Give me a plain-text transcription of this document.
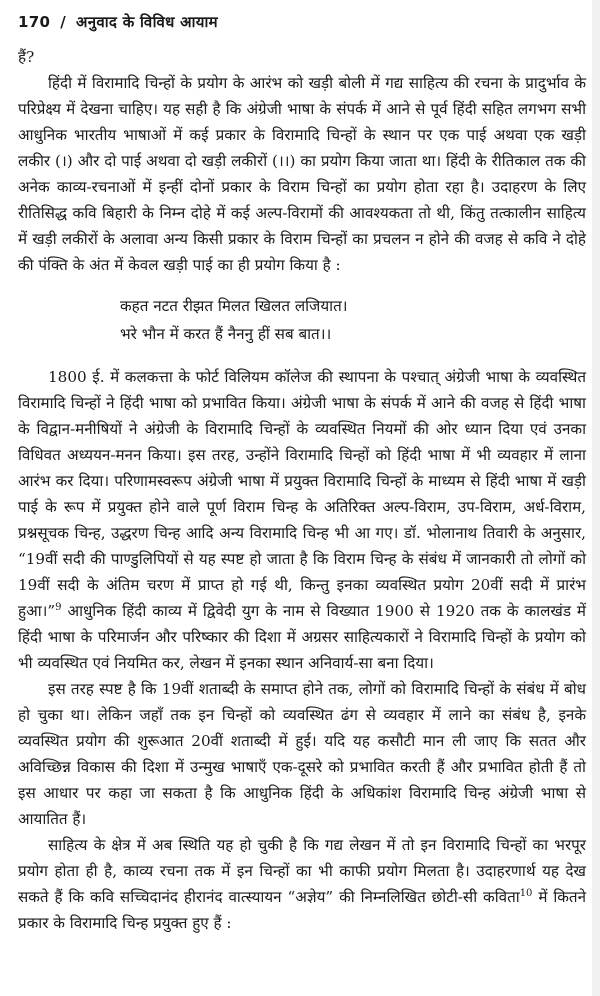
170 / अनुवाद के विविध आयाम

हैं?

हिंदी में विरामादि चिन्हों के प्रयोग के आरंभ को खड़ी बोली में गद्य साहित्य की रचना के प्रादुर्भाव के परिप्रेक्ष्य में देखना चाहिए। यह सही है कि अंग्रेजी भाषा के संपर्क में आने से पूर्व हिंदी सहित लगभग सभी आधुनिक भारतीय भाषाओं में कई प्रकार के विरामादि चिन्हों के स्थान पर एक पाई अथवा एक खड़ी लकीर (।) और दो पाई अथवा दो खड़ी लकीरों (।।) का प्रयोग किया जाता था। हिंदी के रीतिकाल तक की अनेक काव्य-रचनाओं में इन्हीं दोनों प्रकार के विराम चिन्हों का प्रयोग होता रहा है। उदाहरण के लिए रीतिसिद्ध कवि बिहारी के निम्न दोहे में कई अल्प-विरामों की आवश्यकता तो थी, किंतु तत्कालीन साहित्य में खड़ी लकीरों के अलावा अन्य किसी प्रकार के विराम चिन्हों का प्रचलन न होने की वजह से कवि ने दोहे की पंक्ति के अंत में केवल खड़ी पाई का ही प्रयोग किया है :

कहत नटत रीझत मिलत खिलत लजियात।
भरे भौन में करत हैं नैननु हीं सब बात।।

1800 ई. में कलकत्ता के फोर्ट विलियम कॉलेज की स्थापना के पश्चात् अंग्रेजी भाषा के व्यवस्थित विरामादि चिन्हों ने हिंदी भाषा को प्रभावित किया। अंग्रेजी भाषा के संपर्क में आने की वजह से हिंदी भाषा के विद्वान-मनीषियों ने अंग्रेजी के विरामादि चिन्हों के व्यवस्थित नियमों की ओर ध्यान दिया एवं उनका विधिवत अध्ययन-मनन किया। इस तरह, उन्होंने विरामादि चिन्हों को हिंदी भाषा में भी व्यवहार में लाना आरंभ कर दिया। परिणामस्वरूप अंग्रेजी भाषा में प्रयुक्त विरामादि चिन्हों के माध्यम से हिंदी भाषा में खड़ी पाई के रूप में प्रयुक्त होने वाले पूर्ण विराम चिन्ह के अतिरिक्त अल्प-विराम, उप-विराम, अर्ध-विराम, प्रश्नसूचक चिन्ह, उद्धरण चिन्ह आदि अन्य विरामादि चिन्ह भी आ गए। डॉ. भोलानाथ तिवारी के अनुसार, “19वीं सदी की पाण्डुलिपियों से यह स्पष्ट हो जाता है कि विराम चिन्ह के संबंध में जानकारी तो लोगों को 19वीं सदी के अंतिम चरण में प्राप्त हो गई थी, किन्तु इनका व्यवस्थित प्रयोग 20वीं सदी में प्रारंभ हुआ।”$^9$ आधुनिक हिंदी काव्य में द्विवेदी युग के नाम से विख्यात 1900 से 1920 तक के कालखंड में हिंदी भाषा के परिमार्जन और परिष्कार की दिशा में अग्रसर साहित्यकारों ने विरामादि चिन्हों के प्रयोग को भी व्यवस्थित एवं नियमित कर, लेखन में इनका स्थान अनिवार्य-सा बना दिया।

इस तरह स्पष्ट है कि 19वीं शताब्दी के समाप्त होने तक, लोगों को विरामादि चिन्हों के संबंध में बोध हो चुका था। लेकिन जहाँ तक इन चिन्हों को व्यवस्थित ढंग से व्यवहार में लाने का संबंध है, इनके व्यवस्थित प्रयोग की शुरूआत 20वीं शताब्दी में हुई। यदि यह कसौटी मान ली जाए कि सतत और अविच्छिन्न विकास की दिशा में उन्मुख भाषाएँ एक-दूसरे को प्रभावित करती हैं और प्रभावित होती हैं तो इस आधार पर कहा जा सकता है कि आधुनिक हिंदी के अधिकांश विरामादि चिन्ह अंग्रेजी भाषा से आयातित हैं।

साहित्य के क्षेत्र में अब स्थिति यह हो चुकी है कि गद्य लेखन में तो इन विरामादि चिन्हों का भरपूर प्रयोग होता ही है, काव्य रचना तक में इन चिन्हों का भी काफी प्रयोग मिलता है। उदाहरणार्थ यह देख सकते हैं कि कवि सच्चिदानंद हीरानंद वात्स्यायन “अज्ञेय” की निम्नलिखित छोटी-सी कविता$^{10}$ में कितने प्रकार के विरामादि चिन्ह प्रयुक्त हुए हैं :
